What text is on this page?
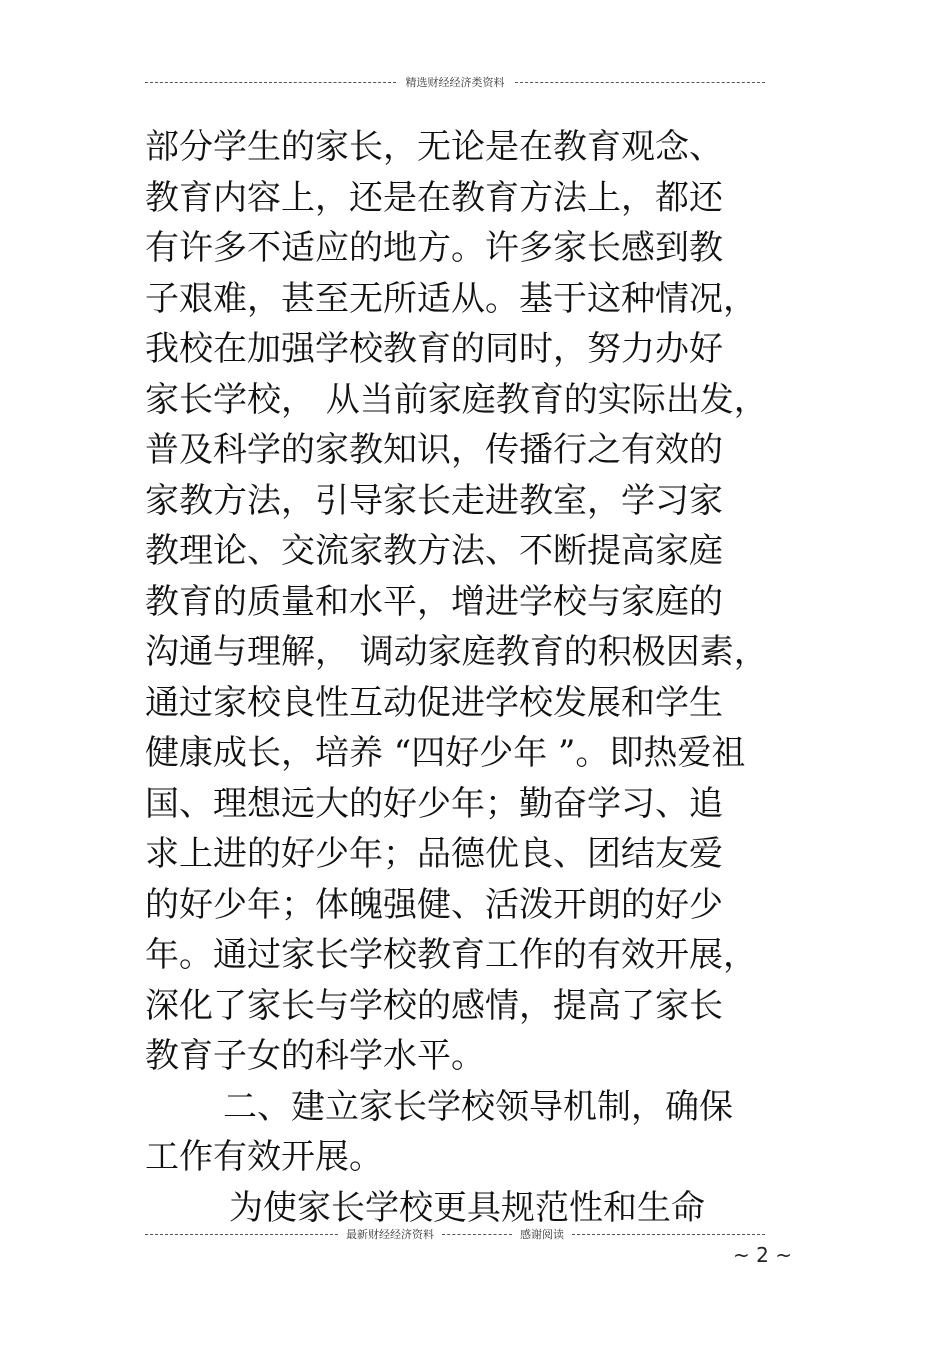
精选财经经济类资料
部分学生的家长，无论是在教育观念、
教育内容上，还是在教育方法上，都还
有许多不适应的地方。许多家长感到教
子艰难，甚至无所适从。基于这种情况，
我校在加强学校教育的同时，努力办好
家长学校， 从当前家庭教育的实际出发，
普及科学的家教知识，传播行之有效的
家教方法，引导家长走进教室，学习家
教理论、交流家教方法、不断提高家庭
教育的质量和水平，增进学校与家庭的
沟通与理解， 调动家庭教育的积极因素，
通过家校良性互动促进学校发展和学生
健康成长，培养 “四好少年 ”。即热爱祖
国、理想远大的好少年；勤奋学习、追
求上进的好少年；品德优良、团结友爱
的好少年；体魄强健、活泼开朗的好少
年。通过家长学校教育工作的有效开展，
深化了家长与学校的感情，提高了家长
教育子女的科学水平。
二、建立家长学校领导机制，确保
工作有效开展。
为使家长学校更具规范性和生命
最新财经经济资料	感谢阅读
~ 2 ~
